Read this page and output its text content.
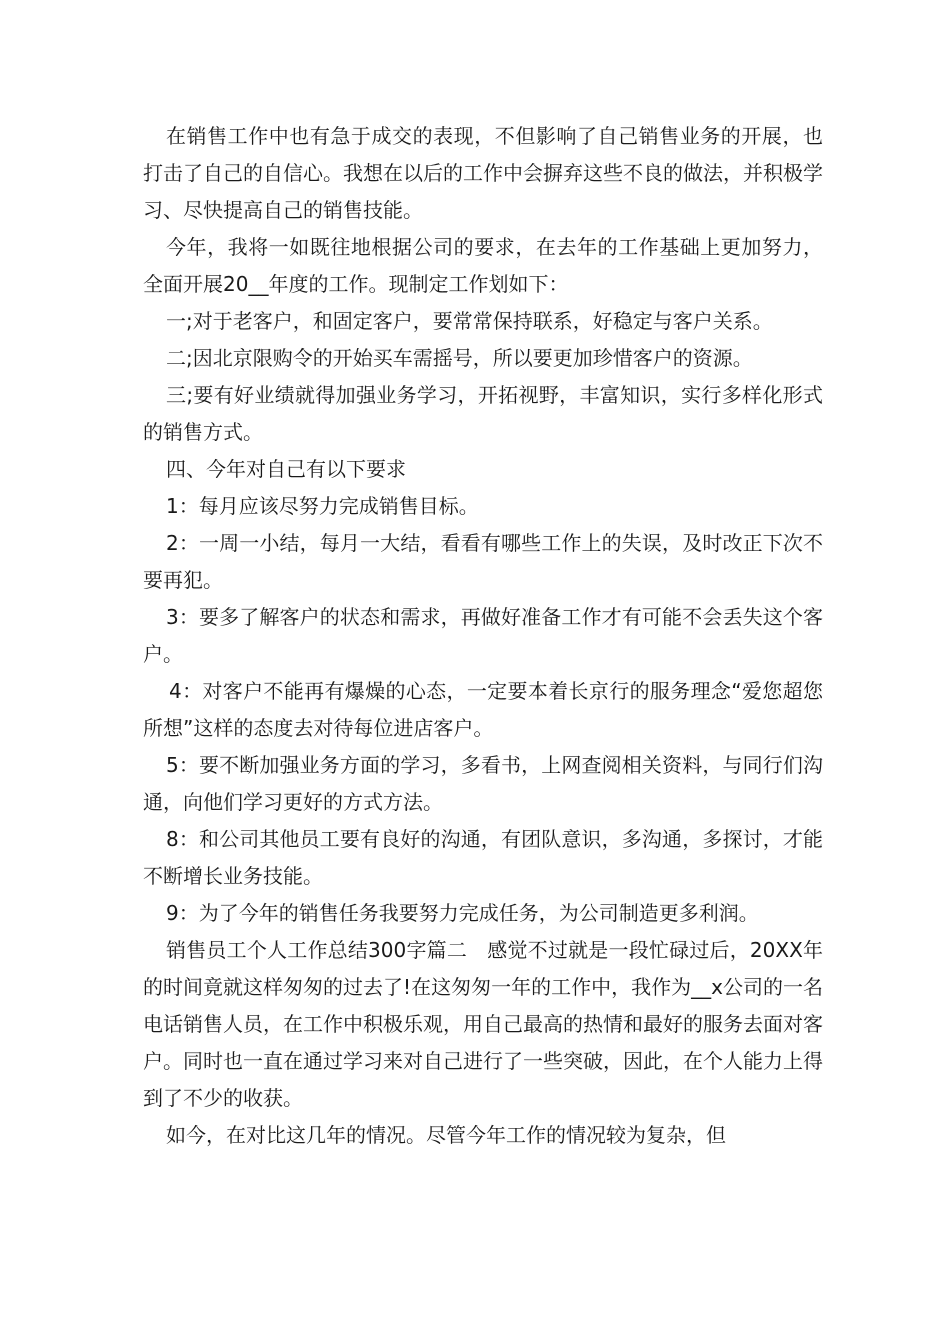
在销售工作中也有急于成交的表现，不但影响了自己销售业务的开展，也打击了自己的自信心。我想在以后的工作中会摒弃这些不良的做法，并积极学习、尽快提高自己的销售技能。

今年，我将一如既往地根据公司的要求，在去年的工作基础上更加努力，全面开展20__年度的工作。现制定工作划如下：

一;对于老客户，和固定客户，要常常保持联系，好稳定与客户关系。

二;因北京限购令的开始买车需摇号，所以要更加珍惜客户的资源。

三;要有好业绩就得加强业务学习，开拓视野，丰富知识，实行多样化形式的销售方式。

四、今年对自己有以下要求

1：每月应该尽努力完成销售目标。

2：一周一小结，每月一大结，看看有哪些工作上的失误，及时改正下次不要再犯。

3：要多了解客户的状态和需求，再做好准备工作才有可能不会丢失这个客户。

4：对客户不能再有爆燥的心态，一定要本着长京行的服务理念“爱您超您所想”这样的态度去对待每位进店客户。

5：要不断加强业务方面的学习，多看书，上网查阅相关资料，与同行们沟通，向他们学习更好的方式方法。

8：和公司其他员工要有良好的沟通，有团队意识，多沟通，多探讨，才能不断增长业务技能。

9：为了今年的销售任务我要努力完成任务，为公司制造更多利润。

销售员工个人工作总结300字篇二　感觉不过就是一段忙碌过后，20XX年的时间竟就这样匆匆的过去了!在这匆匆一年的工作中，我作为__x公司的一名电话销售人员，在工作中积极乐观，用自己最高的热情和最好的服务去面对客户。同时也一直在通过学习来对自己进行了一些突破，因此，在个人能力上得到了不少的收获。

如今，在对比这几年的情况。尽管今年工作的情况较为复杂，但
